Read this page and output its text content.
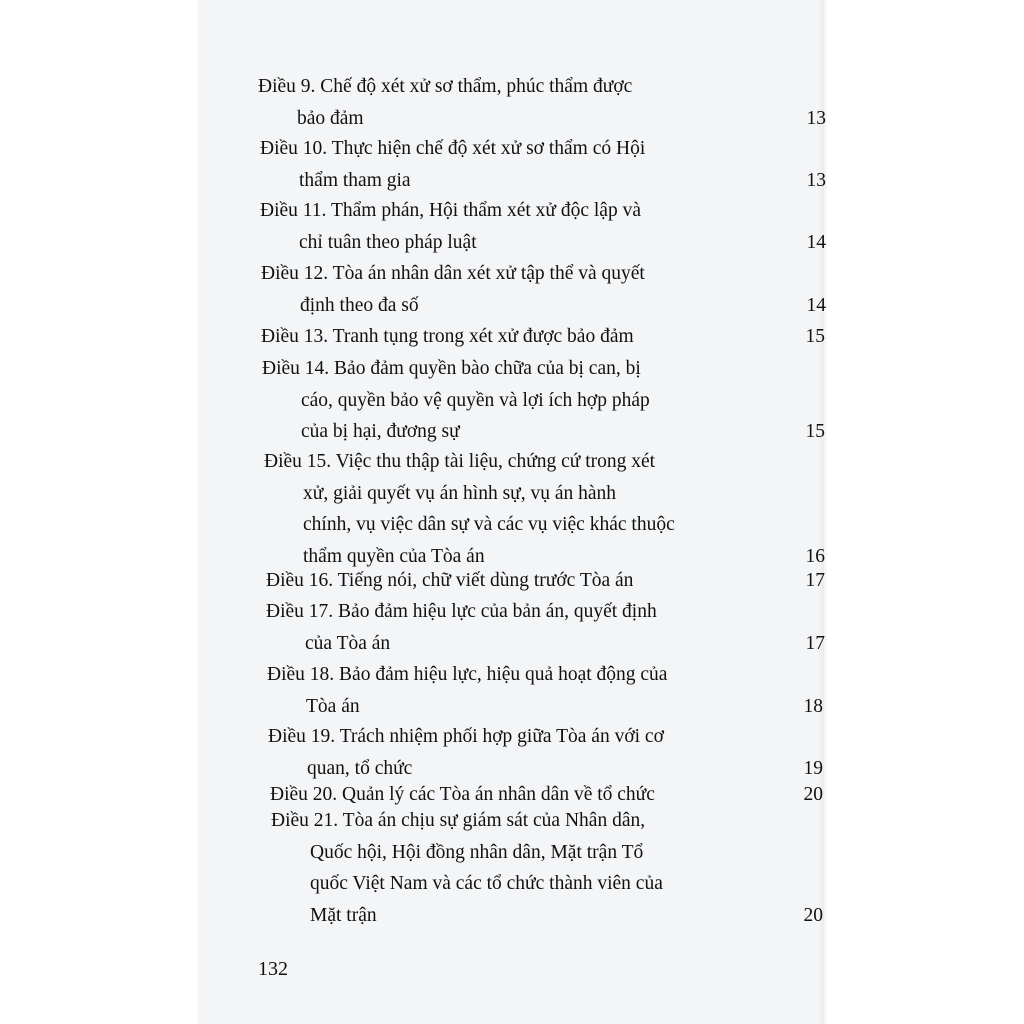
Điều 9. Chế độ xét xử sơ thẩm, phúc thẩm được
bảo đảm	13
Điều 10. Thực hiện chế độ xét xử sơ thẩm có Hội
thẩm tham gia	13
Điều 11. Thẩm phán, Hội thẩm xét xử độc lập và
chỉ tuân theo pháp luật	14
Điều 12. Tòa án nhân dân xét xử tập thể và quyết
định theo đa số	14
Điều 13. Tranh tụng trong xét xử được bảo đảm	15
Điều 14. Bảo đảm quyền bào chữa của bị can, bị
cáo, quyền bảo vệ quyền và lợi ích hợp pháp
của bị hại, đương sự	15
Điều 15. Việc thu thập tài liệu, chứng cứ trong xét
xử, giải quyết vụ án hình sự, vụ án hành
chính, vụ việc dân sự và các vụ việc khác thuộc
thẩm quyền của Tòa án	16
Điều 16. Tiếng nói, chữ viết dùng trước Tòa án	17
Điều 17. Bảo đảm hiệu lực của bản án, quyết định
của Tòa án	17
Điều 18. Bảo đảm hiệu lực, hiệu quả hoạt động của
Tòa án	18
Điều 19. Trách nhiệm phối hợp giữa Tòa án với cơ
quan, tổ chức	19
Điều 20. Quản lý các Tòa án nhân dân về tổ chức	20
Điều 21. Tòa án chịu sự giám sát của Nhân dân,
Quốc hội, Hội đồng nhân dân, Mặt trận Tổ
quốc Việt Nam và các tổ chức thành viên của
Mặt trận	20
132
